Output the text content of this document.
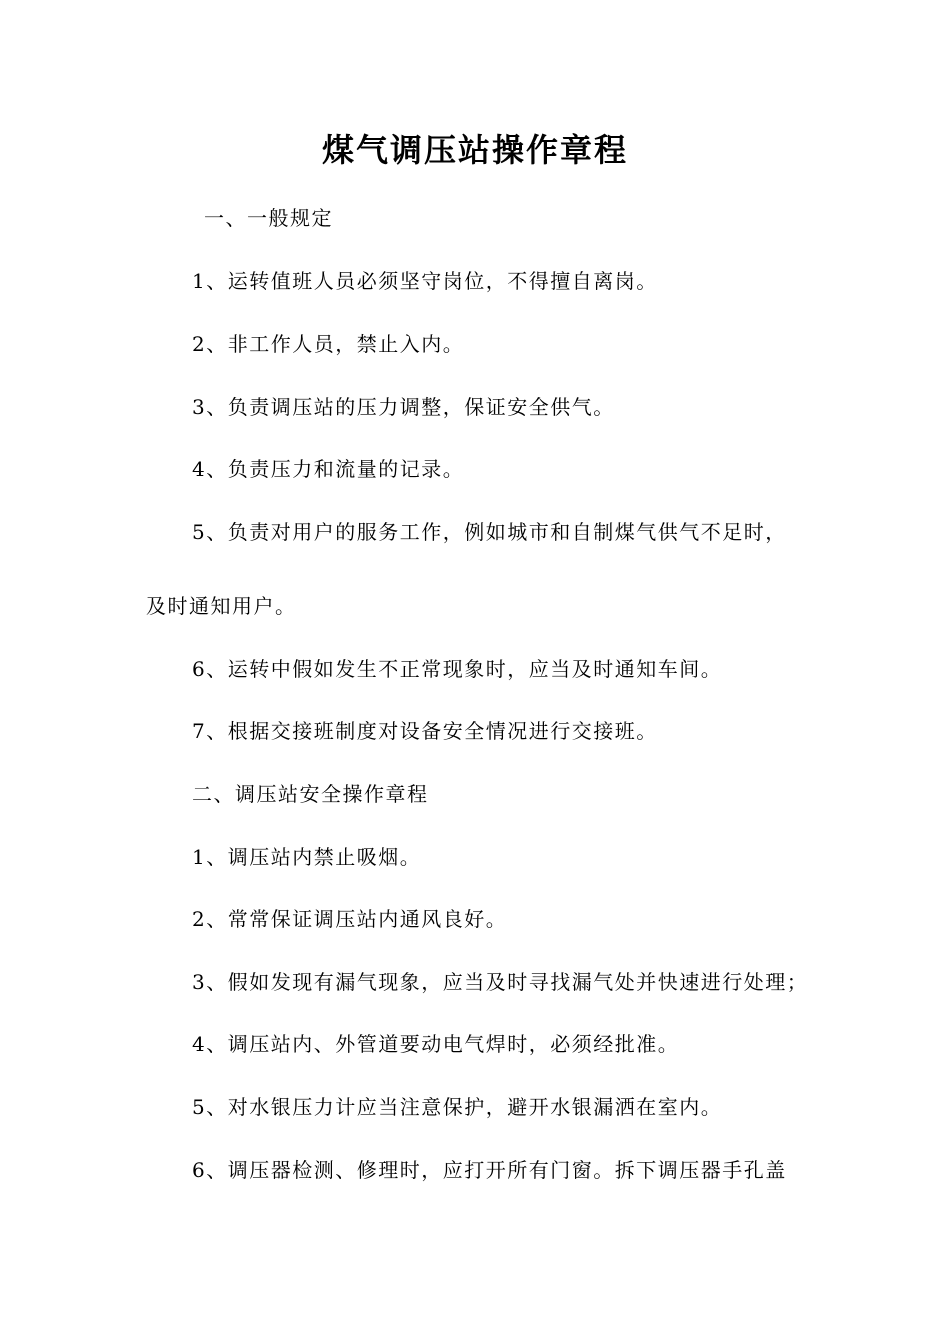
煤气调压站操作章程
一、一般规定
1、运转值班人员必须坚守岗位，不得擅自离岗。
2、非工作人员，禁止入内。
3、负责调压站的压力调整，保证安全供气。
4、负责压力和流量的记录。
5、负责对用户的服务工作，例如城市和自制煤气供气不足时，
及时通知用户。
6、运转中假如发生不正常现象时，应当及时通知车间。
7、根据交接班制度对设备安全情况进行交接班。
二、调压站安全操作章程
1、调压站内禁止吸烟。
2、常常保证调压站内通风良好。
3、假如发现有漏气现象，应当及时寻找漏气处并快速进行处理；
4、调压站内、外管道要动电气焊时，必须经批准。
5、对水银压力计应当注意保护，避开水银漏洒在室内。
6、调压器检测、修理时，应打开所有门窗。拆下调压器手孔盖
